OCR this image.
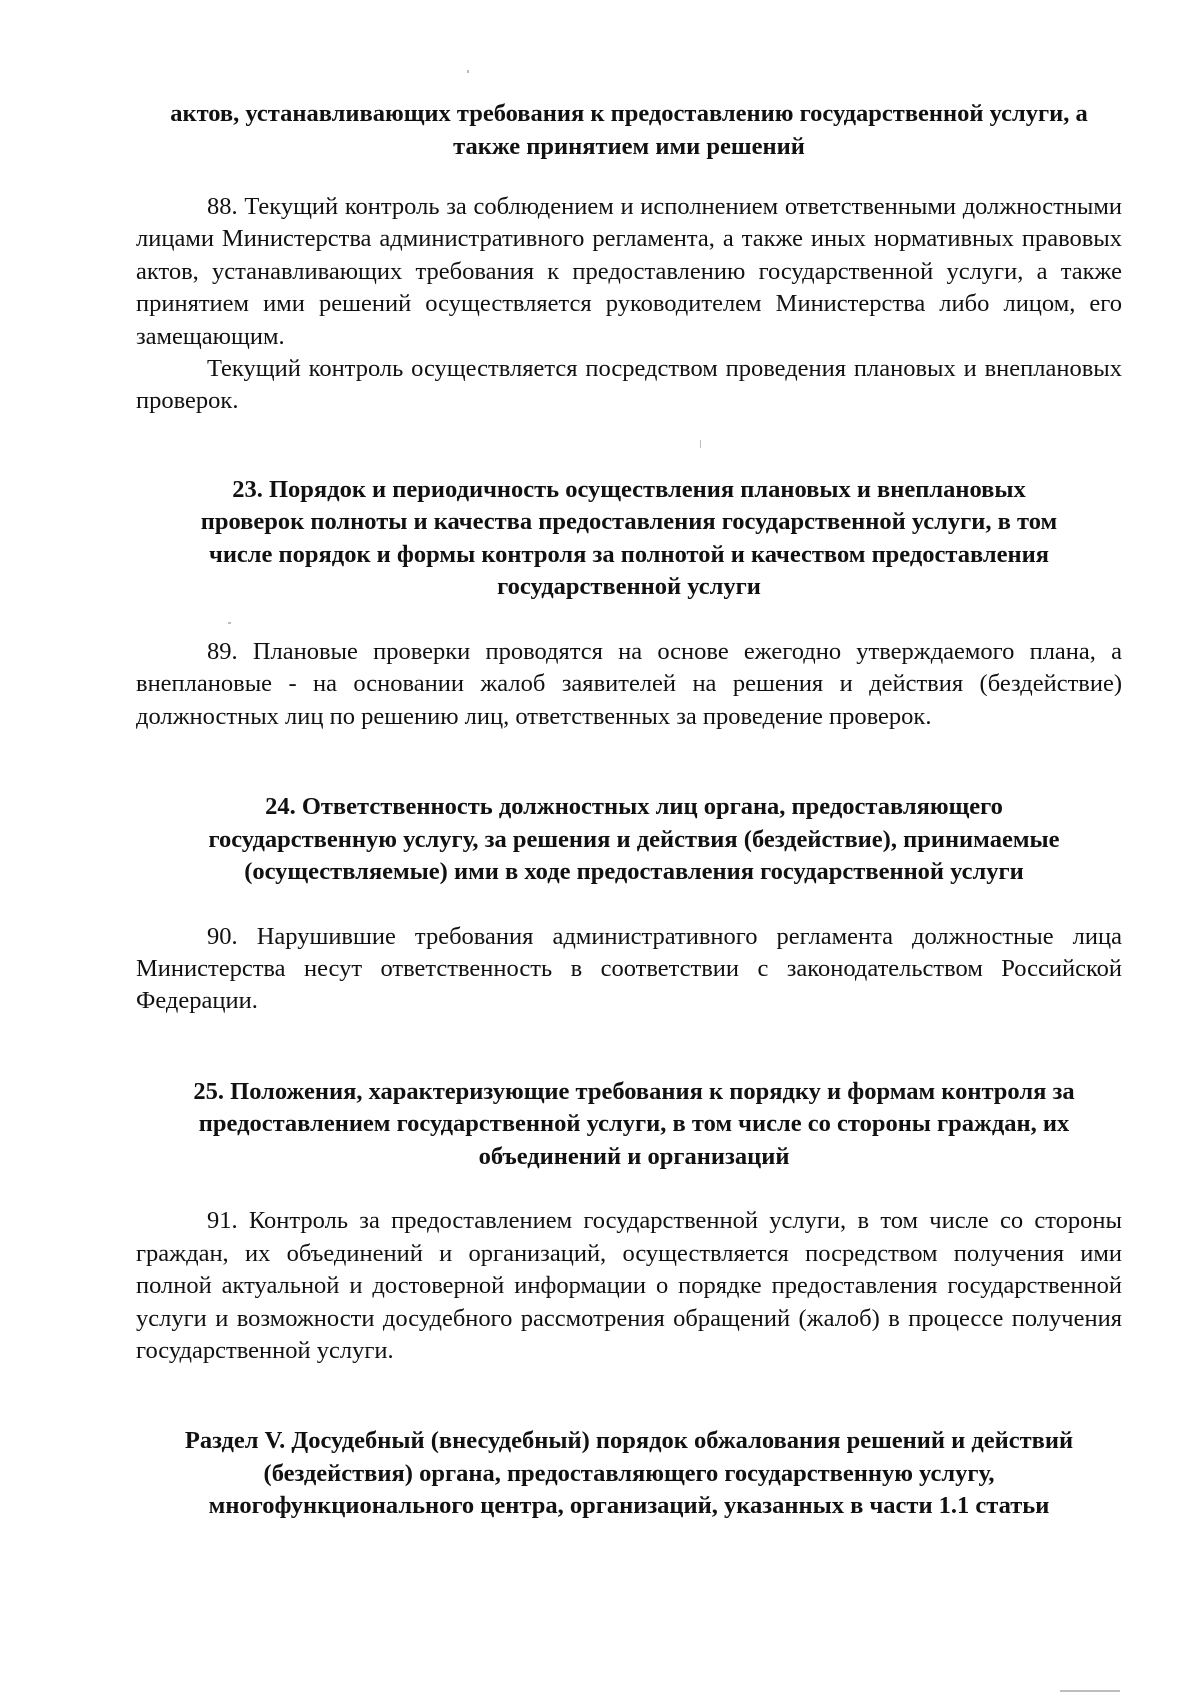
актов, устанавливающих требования к предоставлению государственной услуги, а также принятием ими решений

88. Текущий контроль за соблюдением и исполнением ответственными должностными лицами Министерства административного регламента, а также иных нормативных правовых актов, устанавливающих требования к предоставлению государственной услуги, а также принятием ими решений осуществляется руководителем Министерства либо лицом, его замещающим.

Текущий контроль осуществляется посредством проведения плановых и внеплановых проверок.

23. Порядок и периодичность осуществления плановых и внеплановых проверок полноты и качества предоставления государственной услуги, в том числе порядок и формы контроля за полнотой и качеством предоставления государственной услуги

89. Плановые проверки проводятся на основе ежегодно утверждаемого плана, а внеплановые - на основании жалоб заявителей на решения и действия (бездействие) должностных лиц по решению лиц, ответственных за проведение проверок.

24. Ответственность должностных лиц органа, предоставляющего государственную услугу, за решения и действия (бездействие), принимаемые (осуществляемые) ими в ходе предоставления государственной услуги

90. Нарушившие требования административного регламента должностные лица Министерства несут ответственность в соответствии с законодательством Российской Федерации.

25. Положения, характеризующие требования к порядку и формам контроля за предоставлением государственной услуги, в том числе со стороны граждан, их объединений и организаций

91. Контроль за предоставлением государственной услуги, в том числе со стороны граждан, их объединений и организаций, осуществляется посредством получения ими полной актуальной и достоверной информации о порядке предоставления государственной услуги и возможности досудебного рассмотрения обращений (жалоб) в процессе получения государственной услуги.

Раздел V. Досудебный (внесудебный) порядок обжалования решений и действий (бездействия) органа, предоставляющего государственную услугу, многофункционального центра, организаций, указанных в части 1.1 статьи
